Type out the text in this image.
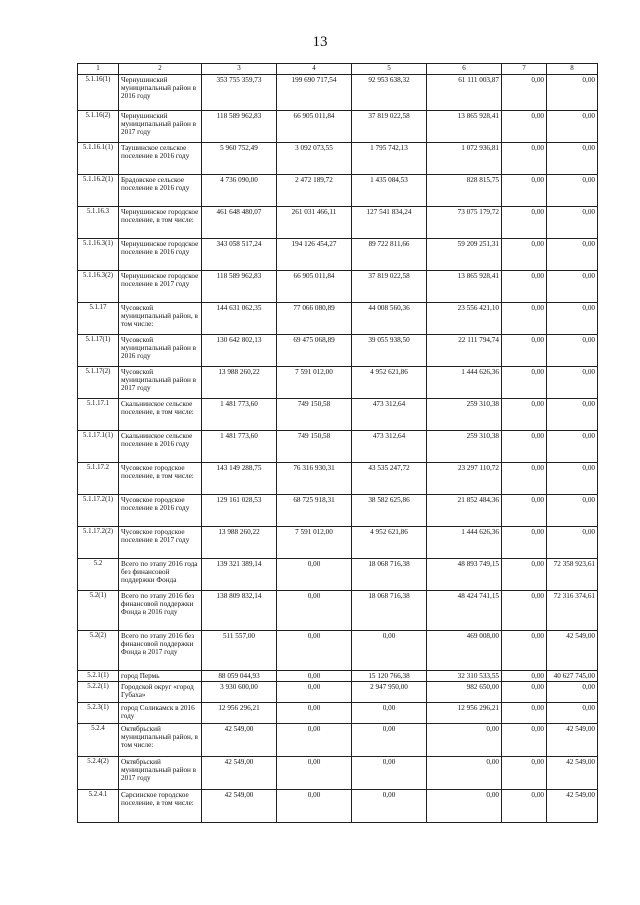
13
1	2	3	4	5	6	7	8
5.1.16(1)	Чернушинский муниципальный район в 2016 году	353 755 359,73	199 690 717,54	92 953 638,32	61 111 003,87	0,00	0,00
5.1.16(2)	Чернушинский муниципальный район в 2017 году	118 589 962,83	66 905 011,84	37 819 022,58	13 865 928,41	0,00	0,00
5.1.16.1(1)	Таушинское сельское поселение в 2016 году	5 960 752,49	3 092 073,55	1 795 742,13	1 072 936,81	0,00	0,00
5.1.16.2(1)	Брадовское сельское поселение в 2016 году	4 736 090,00	2 472 189,72	1 435 084,53	828 815,75	0,00	0,00
5.1.16.3	Чернушинское городское поселение, в том числе:	461 648 480,07	261 031 466,11	127 541 834,24	73 075 179,72	0,00	0,00
5.1.16.3(1)	Чернушинское городское поселение в 2016 году	343 058 517,24	194 126 454,27	89 722 811,66	59 209 251,31	0,00	0,00
5.1.16.3(2)	Чернушинское городское поселение в 2017 году	118 589 962,83	66 905 011,84	37 819 022,58	13 865 928,41	0,00	0,00
5.1.17	Чусовской муниципальный район, в том числе:	144 631 062,35	77 066 080,89	44 008 560,36	23 556 421,10	0,00	0,00
5.1.17(1)	Чусовской муниципальный район в 2016 году	130 642 802,13	69 475 068,89	39 055 938,50	22 111 794,74	0,00	0,00
5.1.17(2)	Чусовской муниципальный район в 2017 году	13 988 260,22	7 591 012,00	4 952 621,86	1 444 626,36	0,00	0,00
5.1.17.1	Скальнинское сельское поселение, в том числе:	1 481 773,60	749 150,58	473 312,64	259 310,38	0,00	0,00
5.1.17.1(1)	Скальнинское сельское поселение в 2016 году	1 481 773,60	749 150,58	473 312,64	259 310,38	0,00	0,00
5.1.17.2	Чусовское городское поселение, в том числе:	143 149 288,75	76 316 930,31	43 535 247,72	23 297 110,72	0,00	0,00
5.1.17.2(1)	Чусовское городское поселение в 2016 году	129 161 028,53	68 725 918,31	38 582 625,86	21 852 484,36	0,00	0,00
5.1.17.2(2)	Чусовское городское поселение в 2017 году	13 988 260,22	7 591 012,00	4 952 621,86	1 444 626,36	0,00	0,00
5.2	Всего по этапу 2016 года без финансовой поддержки Фонда	139 321 389,14	0,00	18 068 716,38	48 893 749,15	0,00	72 358 923,61
5.2(1)	Всего по этапу 2016 без финансовой поддержки Фонда в 2016 году	138 809 832,14	0,00	18 068 716,38	48 424 741,15	0,00	72 316 374,61
5.2(2)	Всего по этапу 2016 без финансовой поддержки Фонда в 2017 году	511 557,00	0,00	0,00	469 008,00	0,00	42 549,00
5.2.1(1)	город Пермь	88 059 044,93	0,00	15 120 766,38	32 310 533,55	0,00	40 627 745,00
5.2.2(1)	Городской округ «город Губаха»	3 930 600,00	0,00	2 947 950,00	982 650,00	0,00	0,00
5.2.3(1)	город Соликамск в 2016 году	12 956 296,21	0,00	0,00	12 956 296,21	0,00	0,00
5.2.4	Октябрьский муниципальный район, в том числе:	42 549,00	0,00	0,00	0,00	0,00	42 549,00
5.2.4(2)	Октябрьский муниципальный район в 2017 году	42 549,00	0,00	0,00	0,00	0,00	42 549,00
5.2.4.1	Сарсинское городское поселение, в том числе:	42 549,00	0,00	0,00	0,00	0,00	42 549,00
